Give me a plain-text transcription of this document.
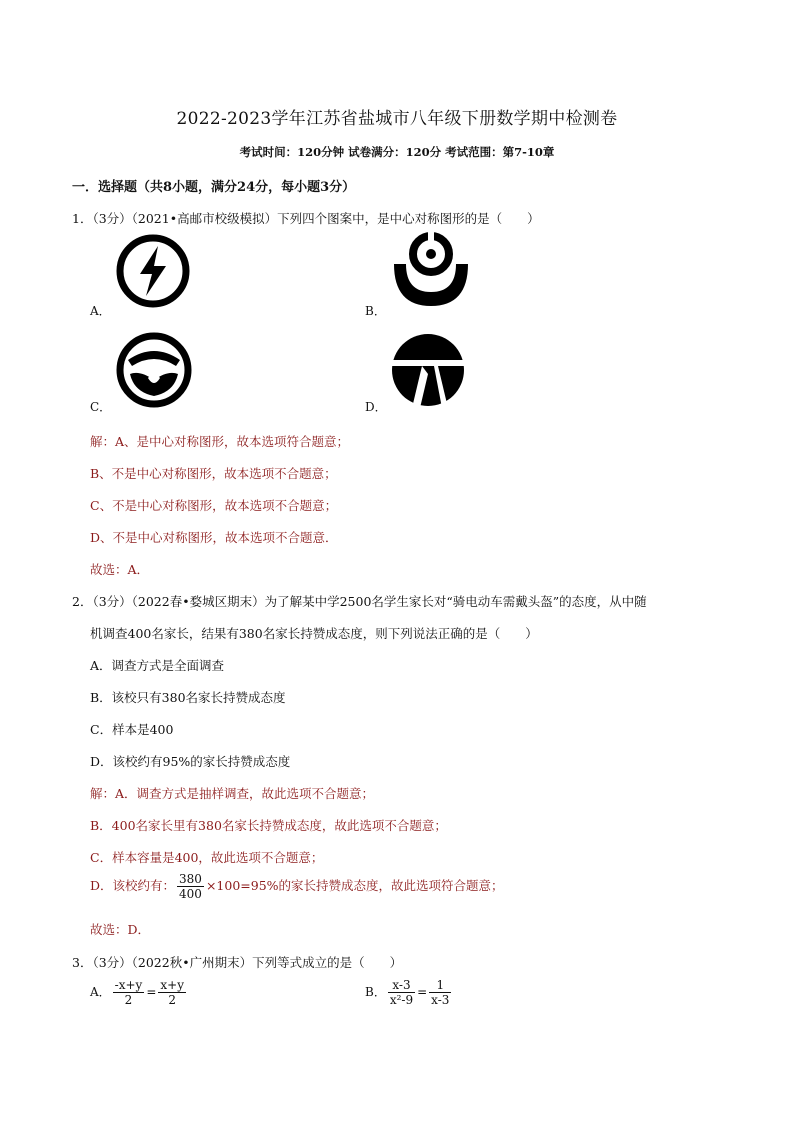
2022-2023学年江苏省盐城市八年级下册数学期中检测卷
考试时间：120分钟 试卷满分：120分 考试范围：第7-10章
一．选择题（共8小题，满分24分，每小题3分）
1．（3分）（2021•高邮市校级模拟）下列四个图案中，是中心对称图形的是（　　）
A．	B．
C．	D．
解：A、是中心对称图形，故本选项符合题意；
B、不是中心对称图形，故本选项不合题意；
C、不是中心对称图形，故本选项不合题意；
D、不是中心对称图形，故本选项不合题意．
故选：A．
2．（3分）（2022春•婺城区期末）为了解某中学2500名学生家长对“骑电动车需戴头盔”的态度，从中随
机调查400名家长，结果有380名家长持赞成态度，则下列说法正确的是（　　）
A．调查方式是全面调查
B．该校只有380名家长持赞成态度
C．样本是400
D．该校约有95%的家长持赞成态度
解：A．调查方式是抽样调查，故此选项不合题意；
B．400名家长里有380名家长持赞成态度，故此选项不合题意；
C．样本容量是400，故此选项不合题意；
D．该校约有： $\frac{380}{400} \times 100=95\%$的家长持赞成态度，故此选项符合题意；
故选：D．
3．（3分）（2022秋•广州期末）下列等式成立的是（　　）
A． $\frac{-x+y}{2} = \frac{x+y}{2}$	B． $\frac{x-3}{\text{x²-9}} = \frac{1}{x-3}$
